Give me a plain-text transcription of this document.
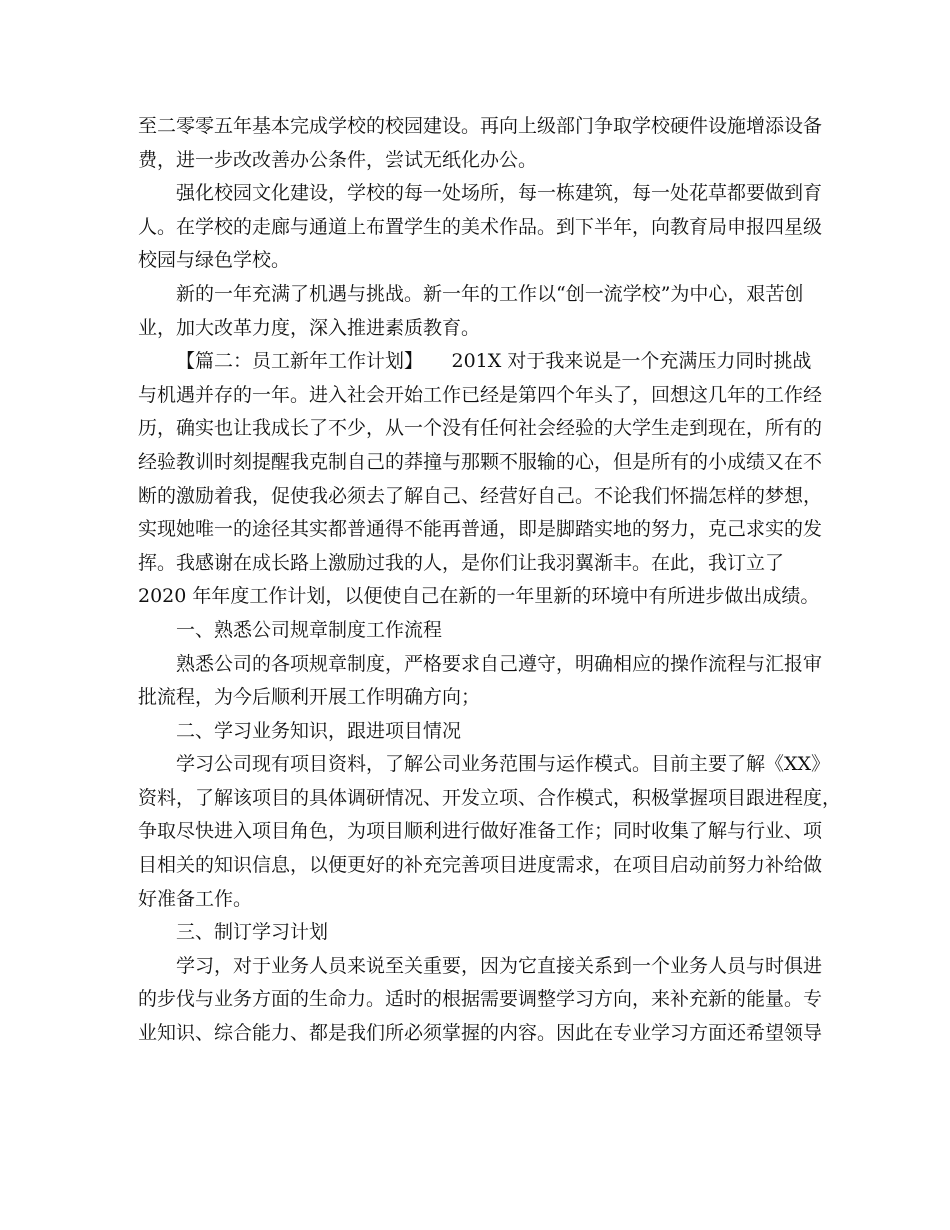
至二零零五年基本完成学校的校园建设。再向上级部门争取学校硬件设施增添设备
费，进一步改改善办公条件，尝试无纸化办公。
强化校园文化建设，学校的每一处场所，每一栋建筑，每一处花草都要做到育
人。在学校的走廊与通道上布置学生的美术作品。到下半年，向教育局申报四星级
校园与绿色学校。
新的一年充满了机遇与挑战。新一年的工作以“创一流学校”为中心，艰苦创
业，加大改革力度，深入推进素质教育。
【篇二：员工新年工作计划】　　201X 对于我来说是一个充满压力同时挑战
与机遇并存的一年。进入社会开始工作已经是第四个年头了，回想这几年的工作经
历，确实也让我成长了不少，从一个没有任何社会经验的大学生走到现在，所有的
经验教训时刻提醒我克制自己的莽撞与那颗不服输的心，但是所有的小成绩又在不
断的激励着我，促使我必须去了解自己、经营好自己。不论我们怀揣怎样的梦想，
实现她唯一的途径其实都普通得不能再普通，即是脚踏实地的努力，克己求实的发
挥。我感谢在成长路上激励过我的人，是你们让我羽翼渐丰。在此，我订立了
2020 年年度工作计划，以便使自己在新的一年里新的环境中有所进步做出成绩。
一、熟悉公司规章制度工作流程
熟悉公司的各项规章制度，严格要求自己遵守，明确相应的操作流程与汇报审
批流程，为今后顺利开展工作明确方向；
二、学习业务知识，跟进项目情况
学习公司现有项目资料，了解公司业务范围与运作模式。目前主要了解《XX》
资料，了解该项目的具体调研情况、开发立项、合作模式，积极掌握项目跟进程度，
争取尽快进入项目角色，为项目顺利进行做好准备工作；同时收集了解与行业、项
目相关的知识信息，以便更好的补充完善项目进度需求，在项目启动前努力补给做
好准备工作。
三、制订学习计划
学习，对于业务人员来说至关重要，因为它直接关系到一个业务人员与时俱进
的步伐与业务方面的生命力。适时的根据需要调整学习方向，来补充新的能量。专
业知识、综合能力、都是我们所必须掌握的内容。因此在专业学习方面还希望领导
